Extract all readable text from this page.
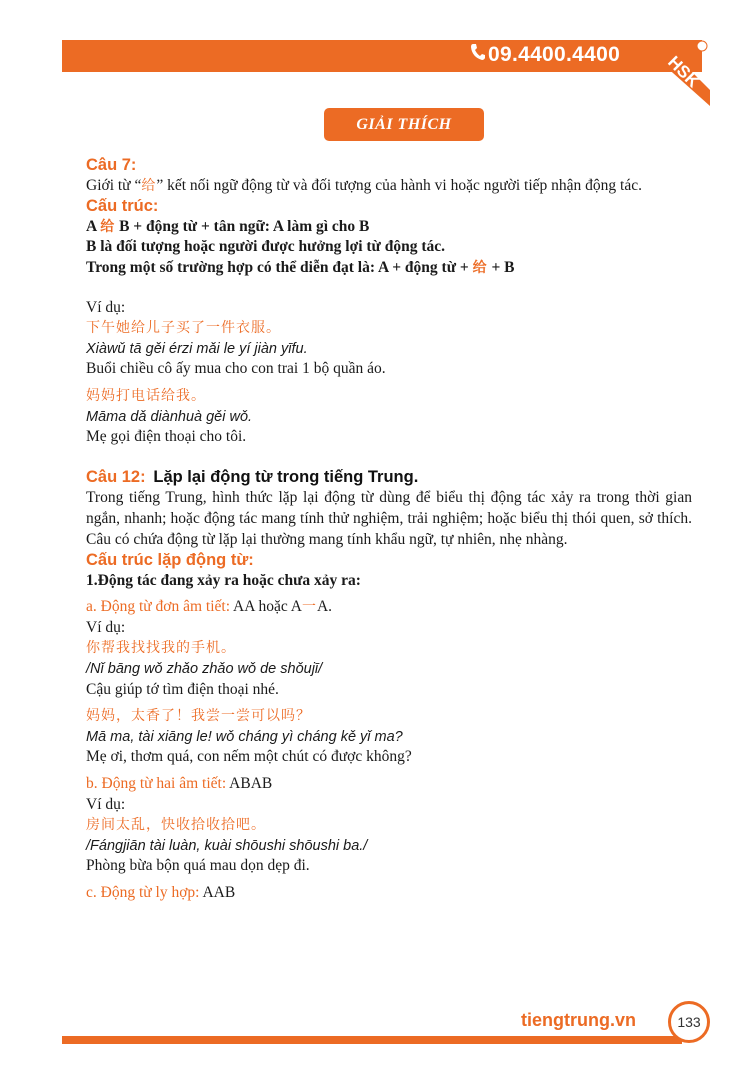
09.4400.4400	HSK
GIẢI THÍCH
Câu 7:
Giới từ “给” kết nối ngữ động từ và đối tượng của hành vi hoặc người tiếp nhận động tác.
Cấu trúc:
A 给 B + động từ + tân ngữ: A làm gì cho B
B là đối tượng hoặc người được hưởng lợi từ động tác.
Trong một số trường hợp có thể diễn đạt là: A + động từ + 给 + B
Ví dụ:
下午她给儿子买了一件衣服。
Xiàwǔ tā gěi érzi mǎi le yí jiàn yīfu.
Buổi chiều cô ấy mua cho con trai 1 bộ quần áo.
妈妈打电话给我。
Māma dǎ diànhuà gěi wǒ.
Mẹ gọi điện thoại cho tôi.
Câu 12: Lặp lại động từ trong tiếng Trung.
Trong tiếng Trung, hình thức lặp lại động từ dùng để biểu thị động tác xảy ra trong thời gian ngắn, nhanh; hoặc động tác mang tính thử nghiệm, trải nghiệm; hoặc biểu thị thói quen, sở thích. Câu có chứa động từ lặp lại thường mang tính khẩu ngữ, tự nhiên, nhẹ nhàng.
Cấu trúc lặp động từ:
1.Động tác đang xảy ra hoặc chưa xảy ra:
a. Động từ đơn âm tiết: AA hoặc A一A.
Ví dụ:
你帮我找找我的手机。
/Nǐ bāng wǒ zhǎo zhǎo wǒ de shǒujī/
Cậu giúp tớ tìm điện thoại nhé.
妈妈，太香了！我尝一尝可以吗？
Mā ma, tài xiāng le! wǒ cháng yì cháng kě yǐ ma?
Mẹ ơi, thơm quá, con nếm một chút có được không?
b. Động từ hai âm tiết: ABAB
Ví dụ:
房间太乱，快收拾收拾吧。
/Fángjiān tài luàn, kuài shōushi shōushi ba./
Phòng bừa bộn quá mau dọn dẹp đi.
c. Động từ ly hợp: AAB
tiengtrung.vn	133
